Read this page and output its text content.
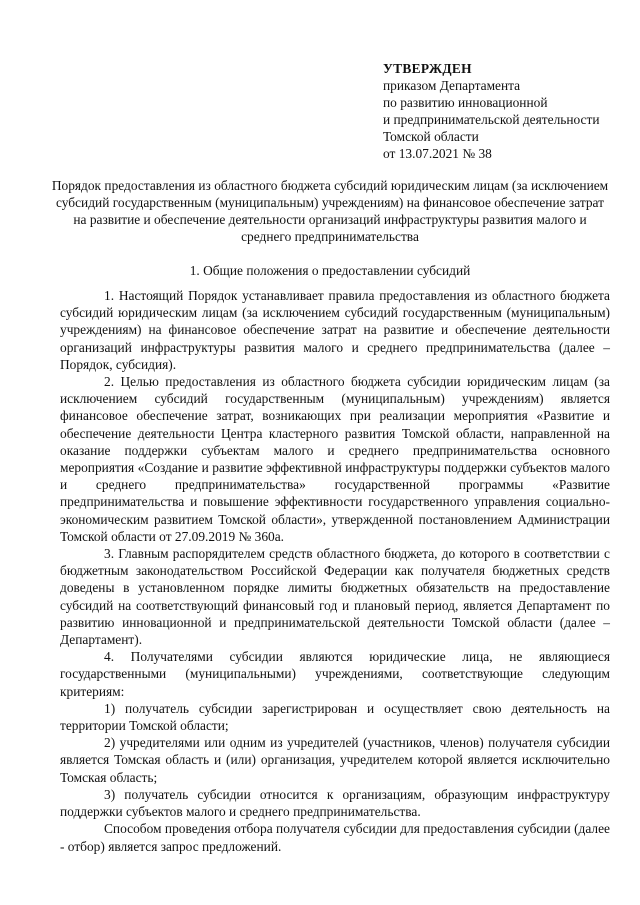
УТВЕРЖДЕН
приказом Департамента
по развитию инновационной
и предпринимательской деятельности
Томской области
от 13.07.2021 № 38
Порядок предоставления из областного бюджета субсидий юридическим лицам (за исключением субсидий государственным (муниципальным) учреждениям) на финансовое обеспечение затрат на развитие и обеспечение деятельности организаций инфраструктуры развития малого и среднего предпринимательства
1. Общие положения о предоставлении субсидий

1. Настоящий Порядок устанавливает правила предоставления из областного бюджета субсидий юридическим лицам (за исключением субсидий государственным (муниципальным) учреждениям) на финансовое обеспечение затрат на развитие и обеспечение деятельности организаций инфраструктуры развития малого и среднего предпринимательства (далее – Порядок, субсидия).

2. Целью предоставления из областного бюджета субсидии юридическим лицам (за исключением субсидий государственным (муниципальным) учреждениям) является финансовое обеспечение затрат, возникающих при реализации мероприятия «Развитие и обеспечение деятельности Центра кластерного развития Томской области, направленной на оказание поддержки субъектам малого и среднего предпринимательства основного мероприятия «Создание и развитие эффективной инфраструктуры поддержки субъектов малого и среднего предпринимательства» государственной программы «Развитие предпринимательства и повышение эффективности государственного управления социально-экономическим развитием Томской области», утвержденной постановлением Администрации Томской области от 27.09.2019 № 360а.

3. Главным распорядителем средств областного бюджета, до которого в соответствии с бюджетным законодательством Российской Федерации как получателя бюджетных средств доведены в установленном порядке лимиты бюджетных обязательств на предоставление субсидий на соответствующий финансовый год и плановый период, является Департамент по развитию инновационной и предпринимательской деятельности Томской области (далее – Департамент).

4. Получателями субсидии являются юридические лица, не являющиеся государственными (муниципальными) учреждениями, соответствующие следующим критериям:

1) получатель субсидии зарегистрирован и осуществляет свою деятельность на территории Томской области;

2) учредителями или одним из учредителей (участников, членов) получателя субсидии является Томская область и (или) организация, учредителем которой является исключительно Томская область;

3) получатель субсидии относится к организациям, образующим инфраструктуру поддержки субъектов малого и среднего предпринимательства.

Способом проведения отбора получателя субсидии для предоставления субсидии (далее - отбор) является запрос предложений.
